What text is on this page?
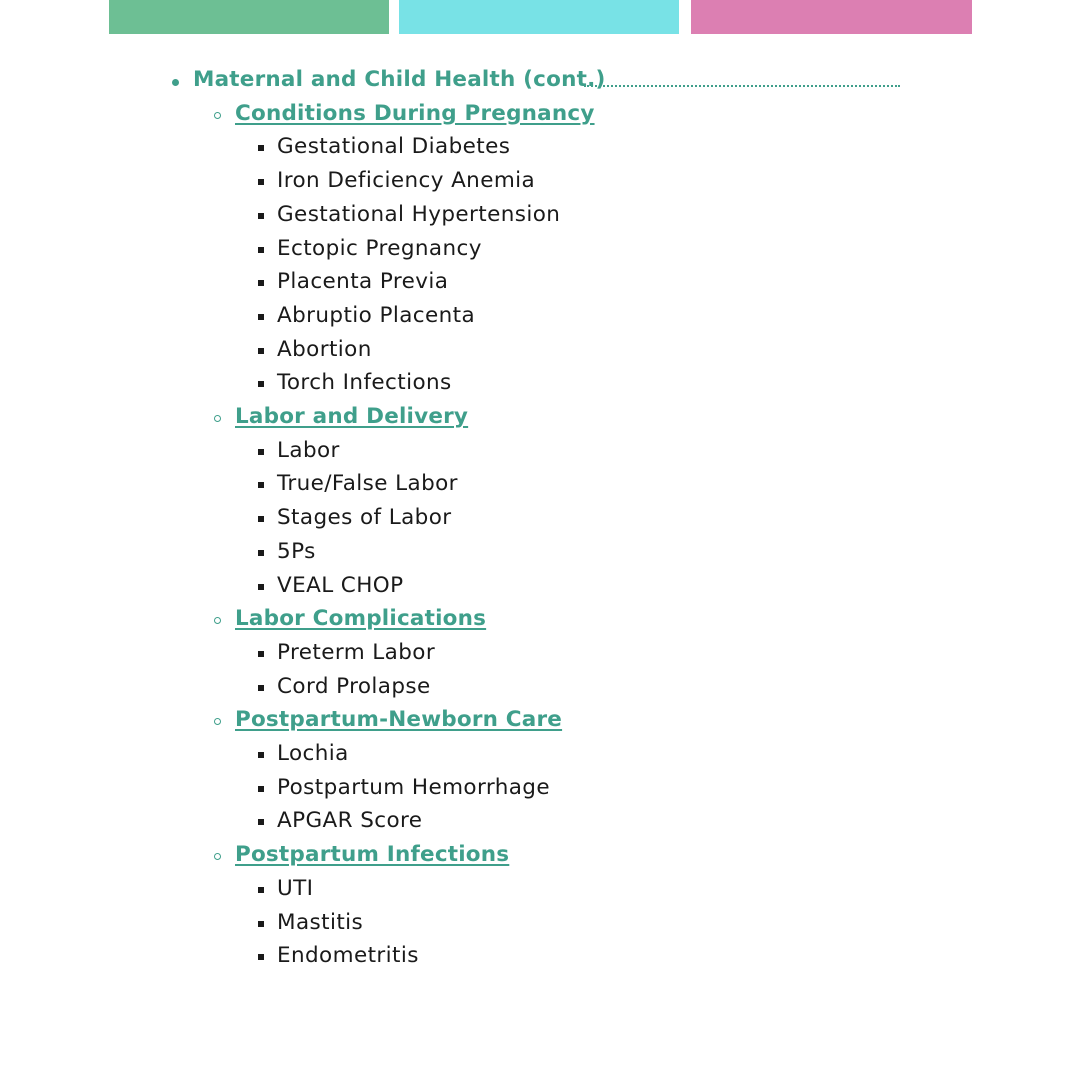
Maternal and Child Health (cont.)
Conditions During Pregnancy
Gestational Diabetes
Iron Deficiency Anemia
Gestational Hypertension
Ectopic Pregnancy
Placenta Previa
Abruptio Placenta
Abortion
Torch Infections
Labor and Delivery
Labor
True/False Labor
Stages of Labor
5Ps
VEAL CHOP
Labor Complications
Preterm Labor
Cord Prolapse
Postpartum-Newborn Care
Lochia
Postpartum Hemorrhage
APGAR Score
Postpartum Infections
UTI
Mastitis
Endometritis
